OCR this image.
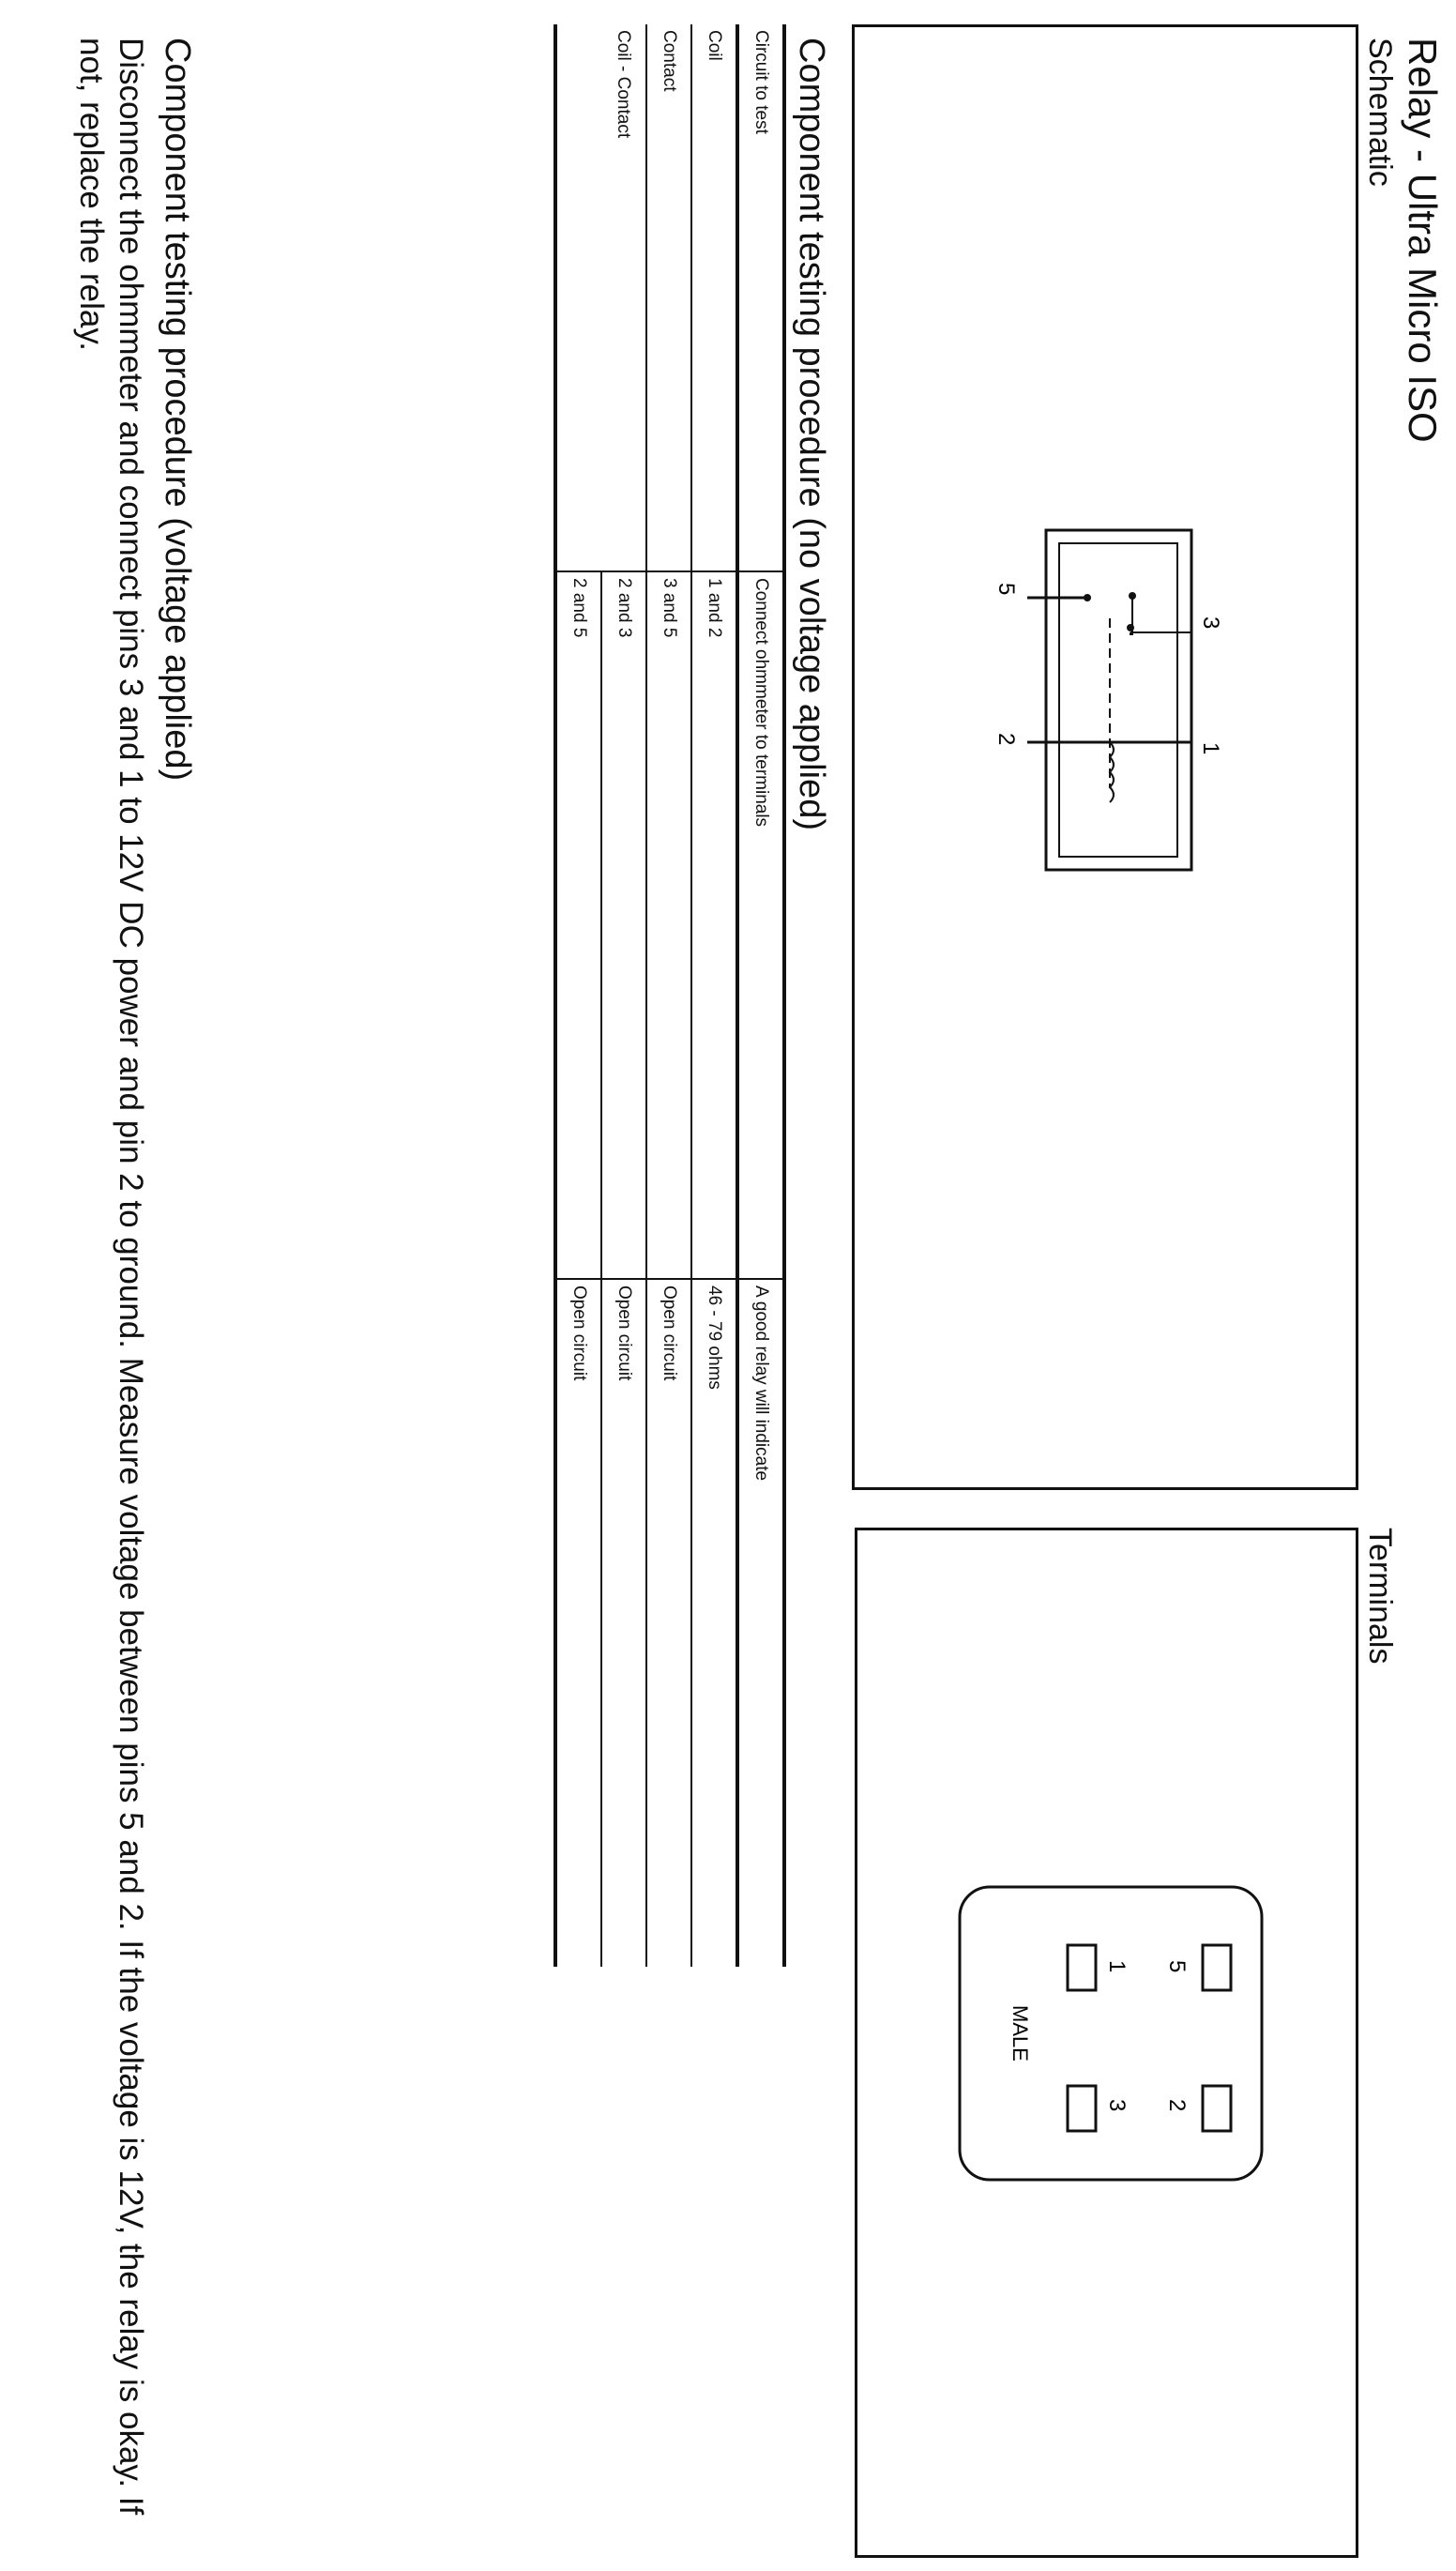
Relay - Ultra Micro ISO
Schematic
3
1
5
2
Terminals
5
2
1
3
MALE
Component testing procedure (no voltage applied)
Circuit to test	Connect ohmmeter to terminals	A good relay will indicate
Coil	1 and 2	46 - 79 ohms
Contact	3 and 5	Open circuit
Coil - Contact	2 and 3	Open circuit
	2 and 5	Open circuit
Component testing procedure (voltage applied)
Disconnect the ohmmeter and connect pins 3 and 1 to 12V DC power and pin 2 to ground. Measure voltage between pins 5 and 2. If the voltage is 12V, the relay is okay. If not, replace the relay.
